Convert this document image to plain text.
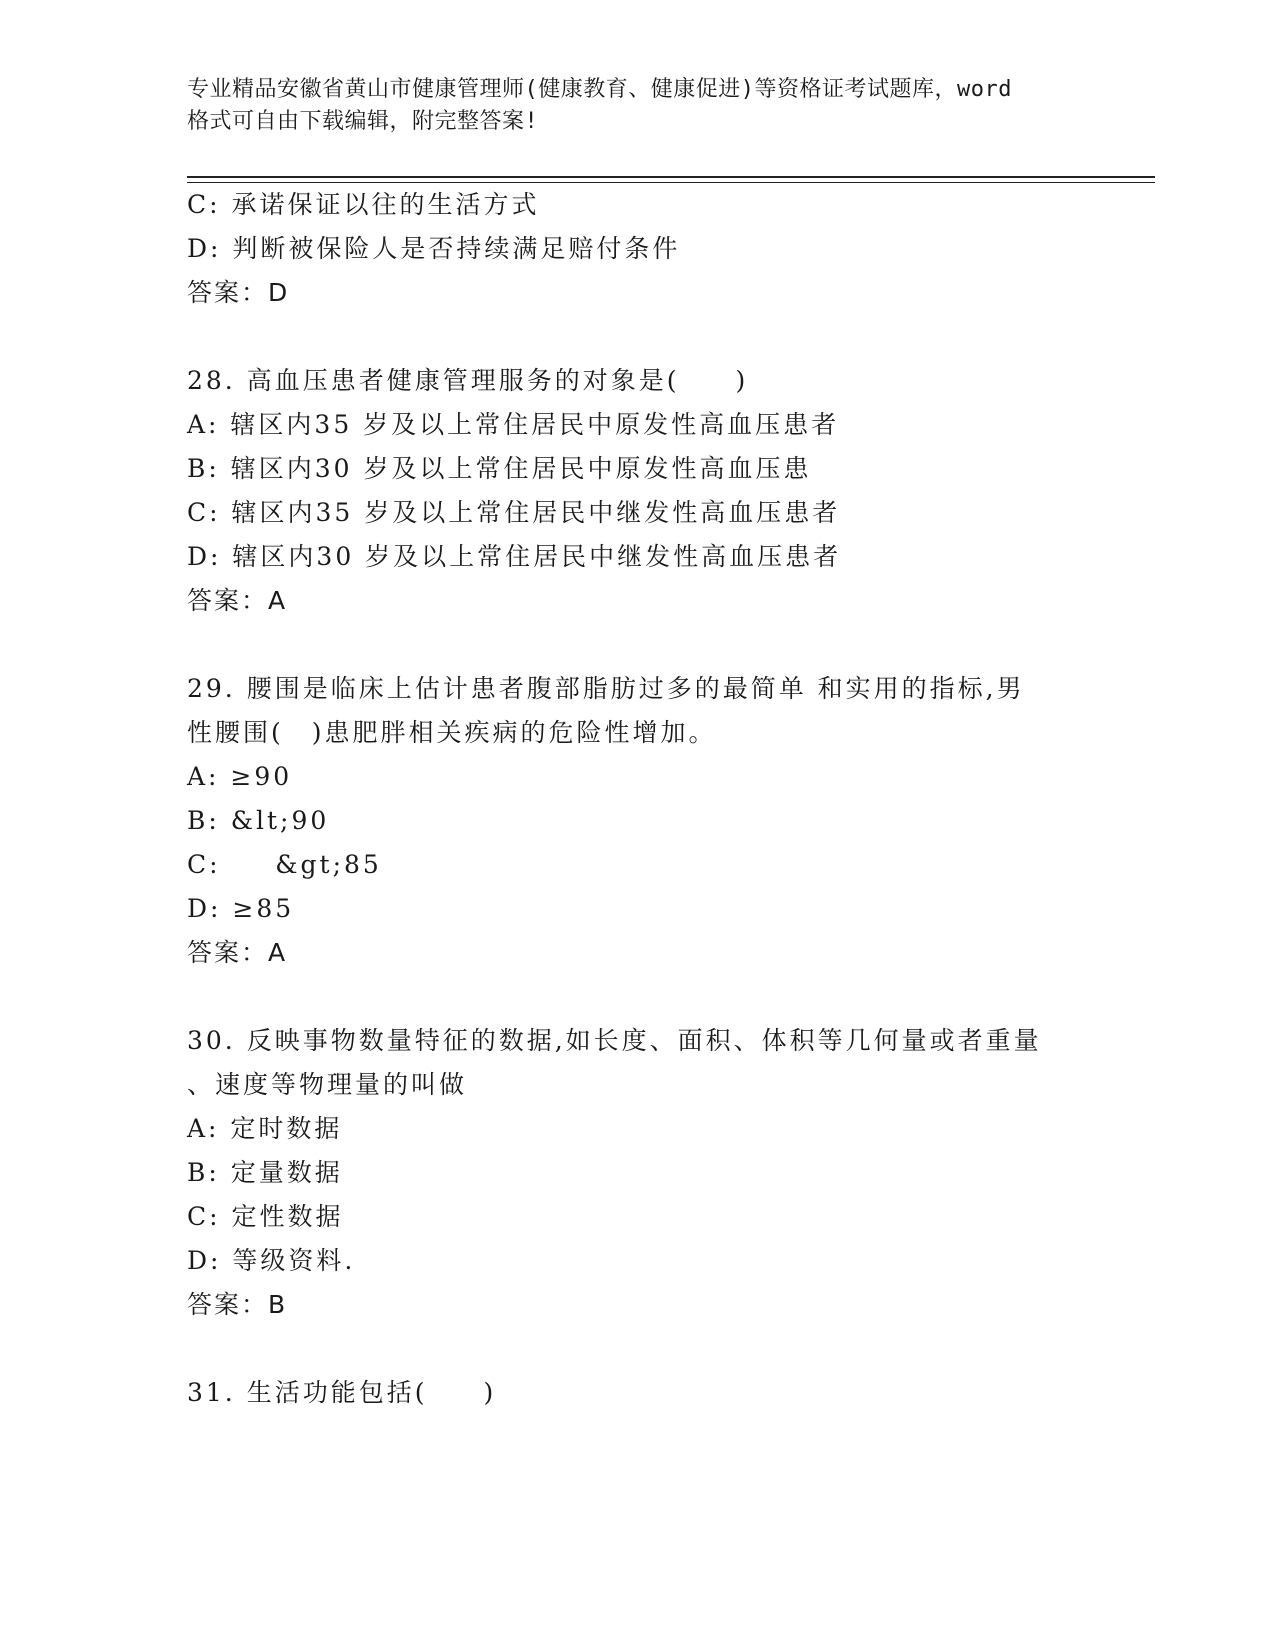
专业精品安徽省黄山市健康管理师(健康教育、健康促进)等资格证考试题库，word
格式可自由下载编辑，附完整答案!
C: 承诺保证以往的生活方式
D: 判断被保险人是否持续满足赔付条件
答案：D
28. 高血压患者健康管理服务的对象是(　　)
A: 辖区内35 岁及以上常住居民中原发性高血压患者
B: 辖区内30 岁及以上常住居民中原发性高血压患
C: 辖区内35 岁及以上常住居民中继发性高血压患者
D: 辖区内30 岁及以上常住居民中继发性高血压患者
答案：A
29. 腰围是临床上估计患者腹部脂肪过多的最简单 和实用的指标,男
性腰围(　)患肥胖相关疾病的危险性增加。
A: ≥90
B: &lt;90
C:     &gt;85
D: ≥85
答案：A
30. 反映事物数量特征的数据,如长度、面积、体积等几何量或者重量
、速度等物理量的叫做
A: 定时数据
B: 定量数据
C: 定性数据
D: 等级资料.
答案：B
31. 生活功能包括(　　)
